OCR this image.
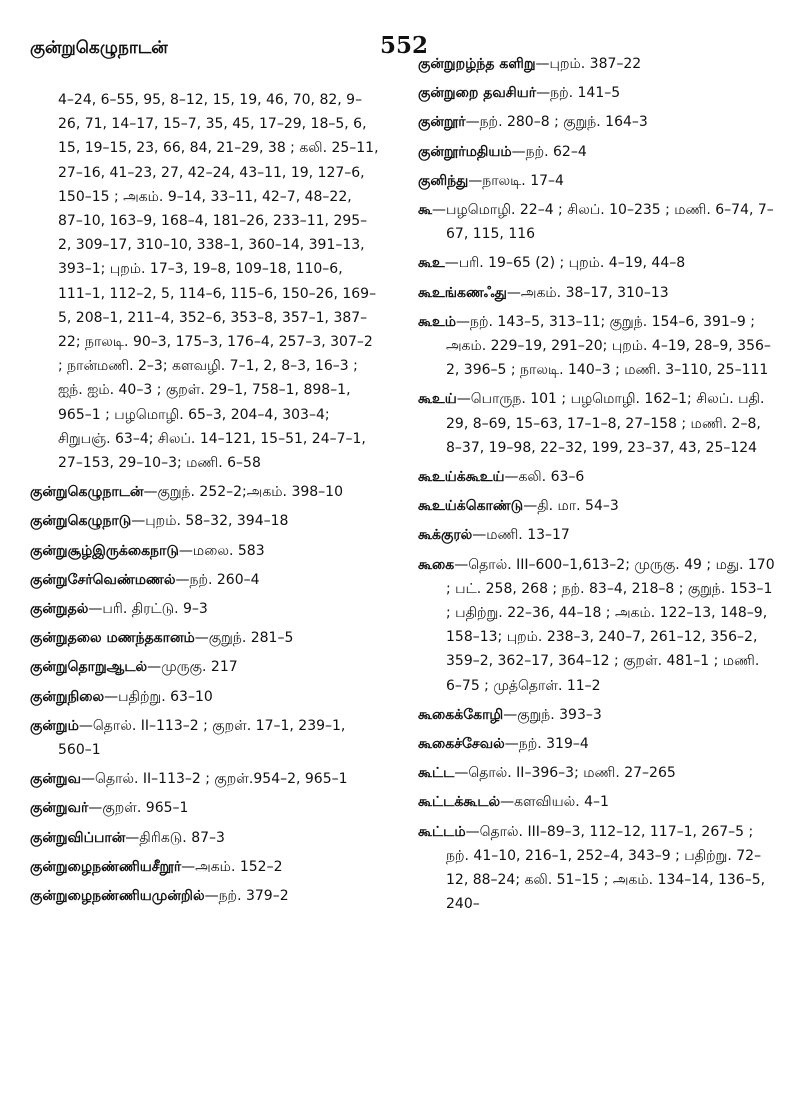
குன்றுகெழுநாடன்	552
4–24, 6–55, 95, 8–12, 15, 19, 46, 70, 82, 9–26, 71, 14–17, 15–7, 35, 45, 17–29, 18–5, 6, 15, 19–15, 23, 66, 84, 21–29, 38 ; கலி. 25–11, 27–16, 41–23, 27, 42–24, 43–11, 19, 127–6, 150–15 ; அகம். 9–14, 33–11, 42–7, 48–22, 87–10, 163–9, 168–4, 181–26, 233–11, 295–2, 309–17, 310–10, 338–1, 360–14, 391–13, 393–1; புறம். 17–3, 19–8, 109–18, 110–6, 111–1, 112–2, 5, 114–6, 115–6, 150–26, 169–5, 208–1, 211–4, 352–6, 353–8, 357–1, 387–22; நாலடி. 90–3, 175–3, 176–4, 257–3, 307–2 ; நான்மணி. 2–3; களவழி. 7–1, 2, 8–3, 16–3 ; ஐந். ஐம். 40–3 ; குறள். 29–1, 758–1, 898–1, 965–1 ; பழமொழி. 65–3, 204–4, 303–4; சிறுபஞ். 63–4; சிலப். 14–121, 15–51, 24–7–1, 27–153, 29–10–3; மணி. 6–58
குன்றுகெழுநாடன்—குறுந். 252–2;அகம். 398–10
குன்றுகெழுநாடு—புறம். 58–32, 394–18
குன்றுசூழ்இருக்கைநாடு—மலை. 583
குன்றுசேர்வெண்மணல்—நற். 260–4
குன்றுதல்—பரி. திரட்டு. 9–3
குன்றுதலை மணந்தகானம்—குறுந். 281–5
குன்றுதொறுஆடல்—முருகு. 217
குன்றுநிலை—பதிற்று. 63–10
குன்றும்—தொல். II–113–2 ; குறள். 17–1, 239–1, 560–1
குன்றுவ—தொல். II–113–2 ; குறள்.954–2, 965–1
குன்றுவர்—குறள். 965–1
குன்றுவிப்பான்—திரிகடு. 87–3
குன்றுழைநண்ணியசீறூர்—அகம். 152–2
குன்றுழைநண்ணியமுன்றில்—நற். 379–2
குன்றுறழ்ந்த களிறு—புறம். 387–22
குன்றுறை தவசியர்—நற். 141–5
குன்றூர்—நற். 280–8 ; குறுந். 164–3
குன்றூர்மதியம்—நற். 62–4
குனிந்து—நாலடி. 17–4
கூ—பழமொழி. 22–4 ; சிலப். 10–235 ; மணி. 6–74, 7–67, 115, 116
கூஉ—பரி. 19–65 (2) ; புறம். 4–19, 44–8
கூஉங்கணஃது—அகம். 38–17, 310–13
கூஉம்—நற். 143–5, 313–11; குறுந். 154–6, 391–9 ; அகம். 229–19, 291–20; புறம். 4–19, 28–9, 356–2, 396–5 ; நாலடி. 140–3 ; மணி. 3–110, 25–111
கூஉய்—பொருந. 101 ; பழமொழி. 162–1; சிலப். பதி. 29, 8–69, 15–63, 17–1–8, 27–158 ; மணி. 2–8, 8–37, 19–98, 22–32, 199, 23–37, 43, 25–124
கூஉய்க்கூஉய்—கலி. 63–6
கூஉய்க்கொண்டு—தி. மா. 54–3
கூக்குரல்—மணி. 13–17
கூகை—தொல். III–600–1,613–2; முருகு. 49 ; மது. 170 ; பட். 258, 268 ; நற். 83–4, 218–8 ; குறுந். 153–1 ; பதிற்று. 22–36, 44–18 ; அகம். 122–13, 148–9, 158–13; புறம். 238–3, 240–7, 261–12, 356–2, 359–2, 362–17, 364–12 ; குறள். 481–1 ; மணி. 6–75 ; முத்தொள். 11–2
கூகைக்கோழி—குறுந். 393–3
கூகைச்சேவல்—நற். 319–4
கூட்ட—தொல். II–396–3; மணி. 27–265
கூட்டக்கூடல்—களவியல். 4–1
கூட்டம்—தொல். III–89–3, 112–12, 117–1, 267–5 ; நற். 41–10, 216–1, 252–4, 343–9 ; பதிற்று. 72–12, 88–24; கலி. 51–15 ; அகம். 134–14, 136–5, 240–
